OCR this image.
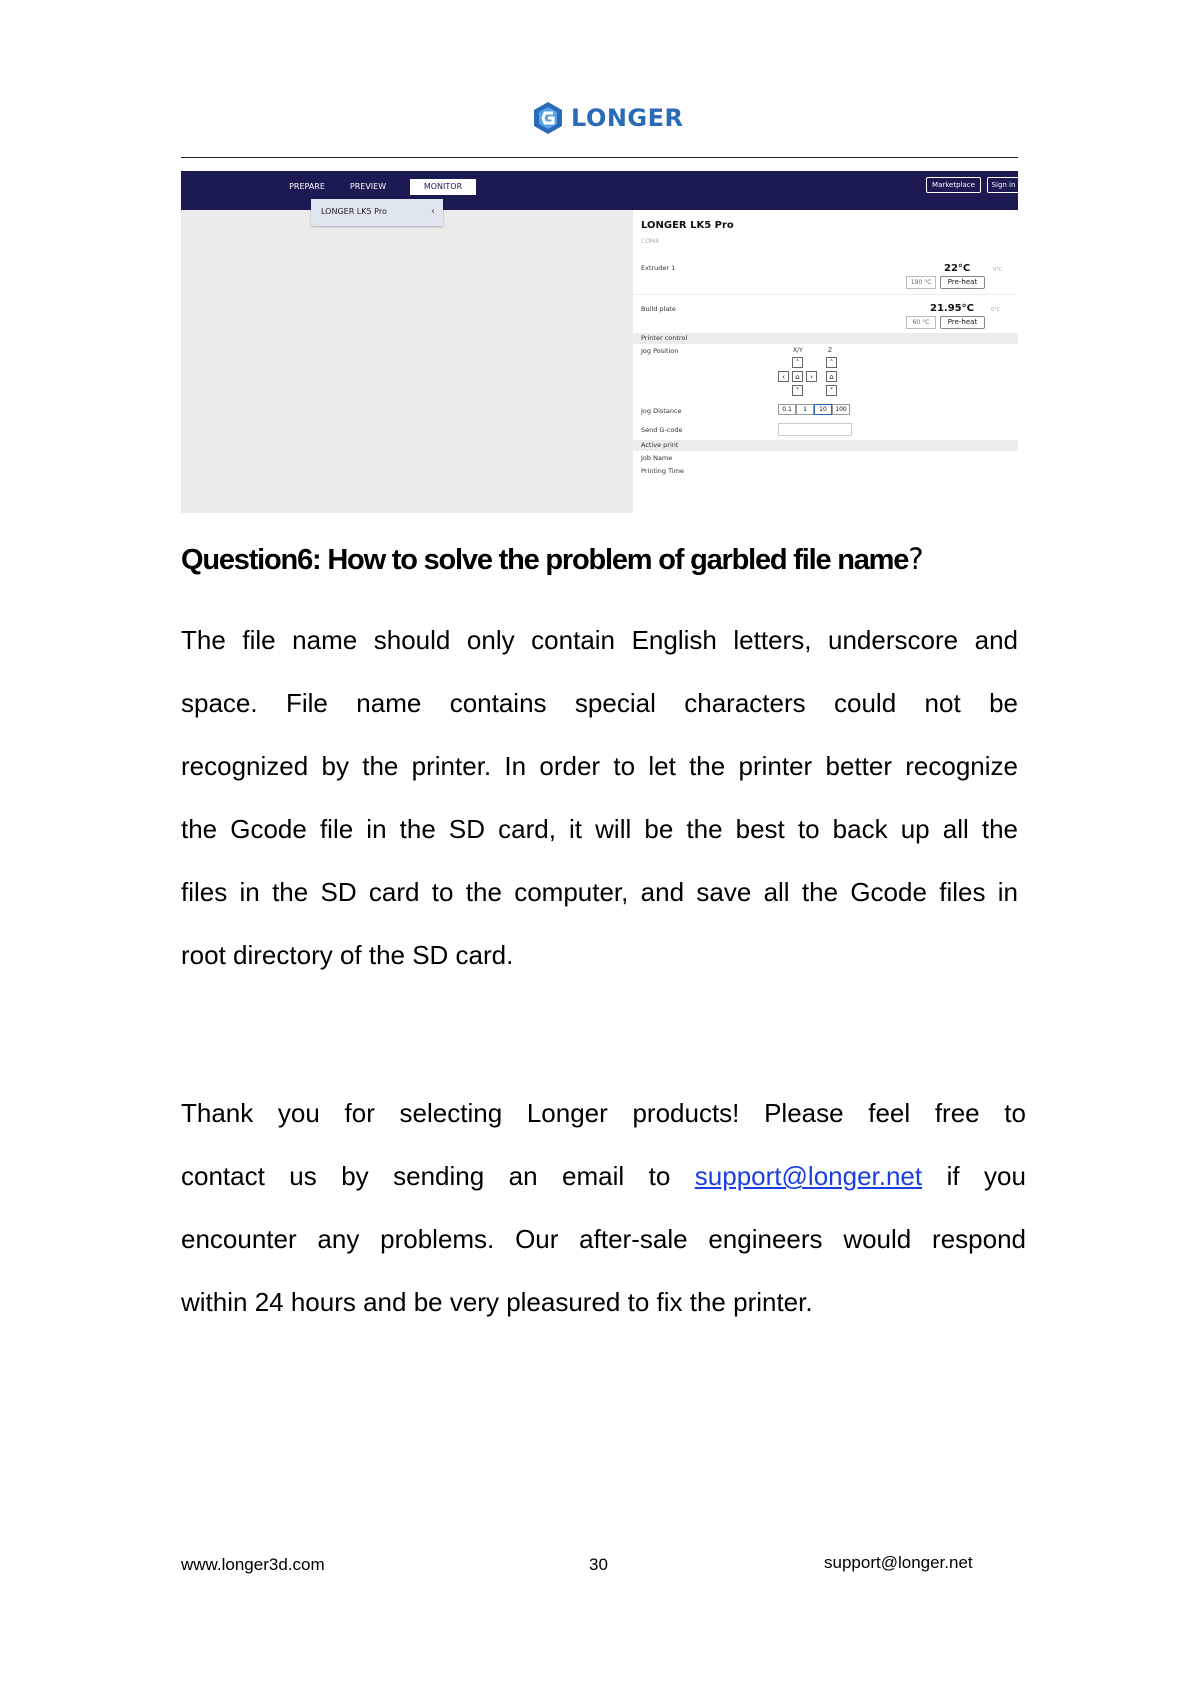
LONGER
PREPARE	PREVIEW	MONITOR	Marketplace	Sign in
LONGER LK5 Pro	‹
LONGER LK5 Pro
COM4
Extruder 1	22°C	0°C
190 °C	Pre-heat
Build plate	21.95°C	0°C
60 °C	Pre-heat
Printer control
Jog Position	X/Y	Z
˄
‹	⌂	›
˅
˄
⌂
˅
Jog Distance	0.1	1	10	100
Send G-code
Active print
Job Name
Printing Time
Question6: How to solve the problem of garbled file name?
The file name should only contain English letters, underscore and
space. File name contains special characters could not be
recognized by the printer. In order to let the printer better recognize
the Gcode file in the SD card, it will be the best to back up all the
files in the SD card to the computer, and save all the Gcode files in
root directory of the SD card.
Thank you for selecting Longer products! Please feel free to
contact us by sending an email to support@longer.net if you
encounter any problems. Our after-sale engineers would respond
within 24 hours and be very pleasured to fix the printer.
www.longer3d.com	30	support@longer.net
